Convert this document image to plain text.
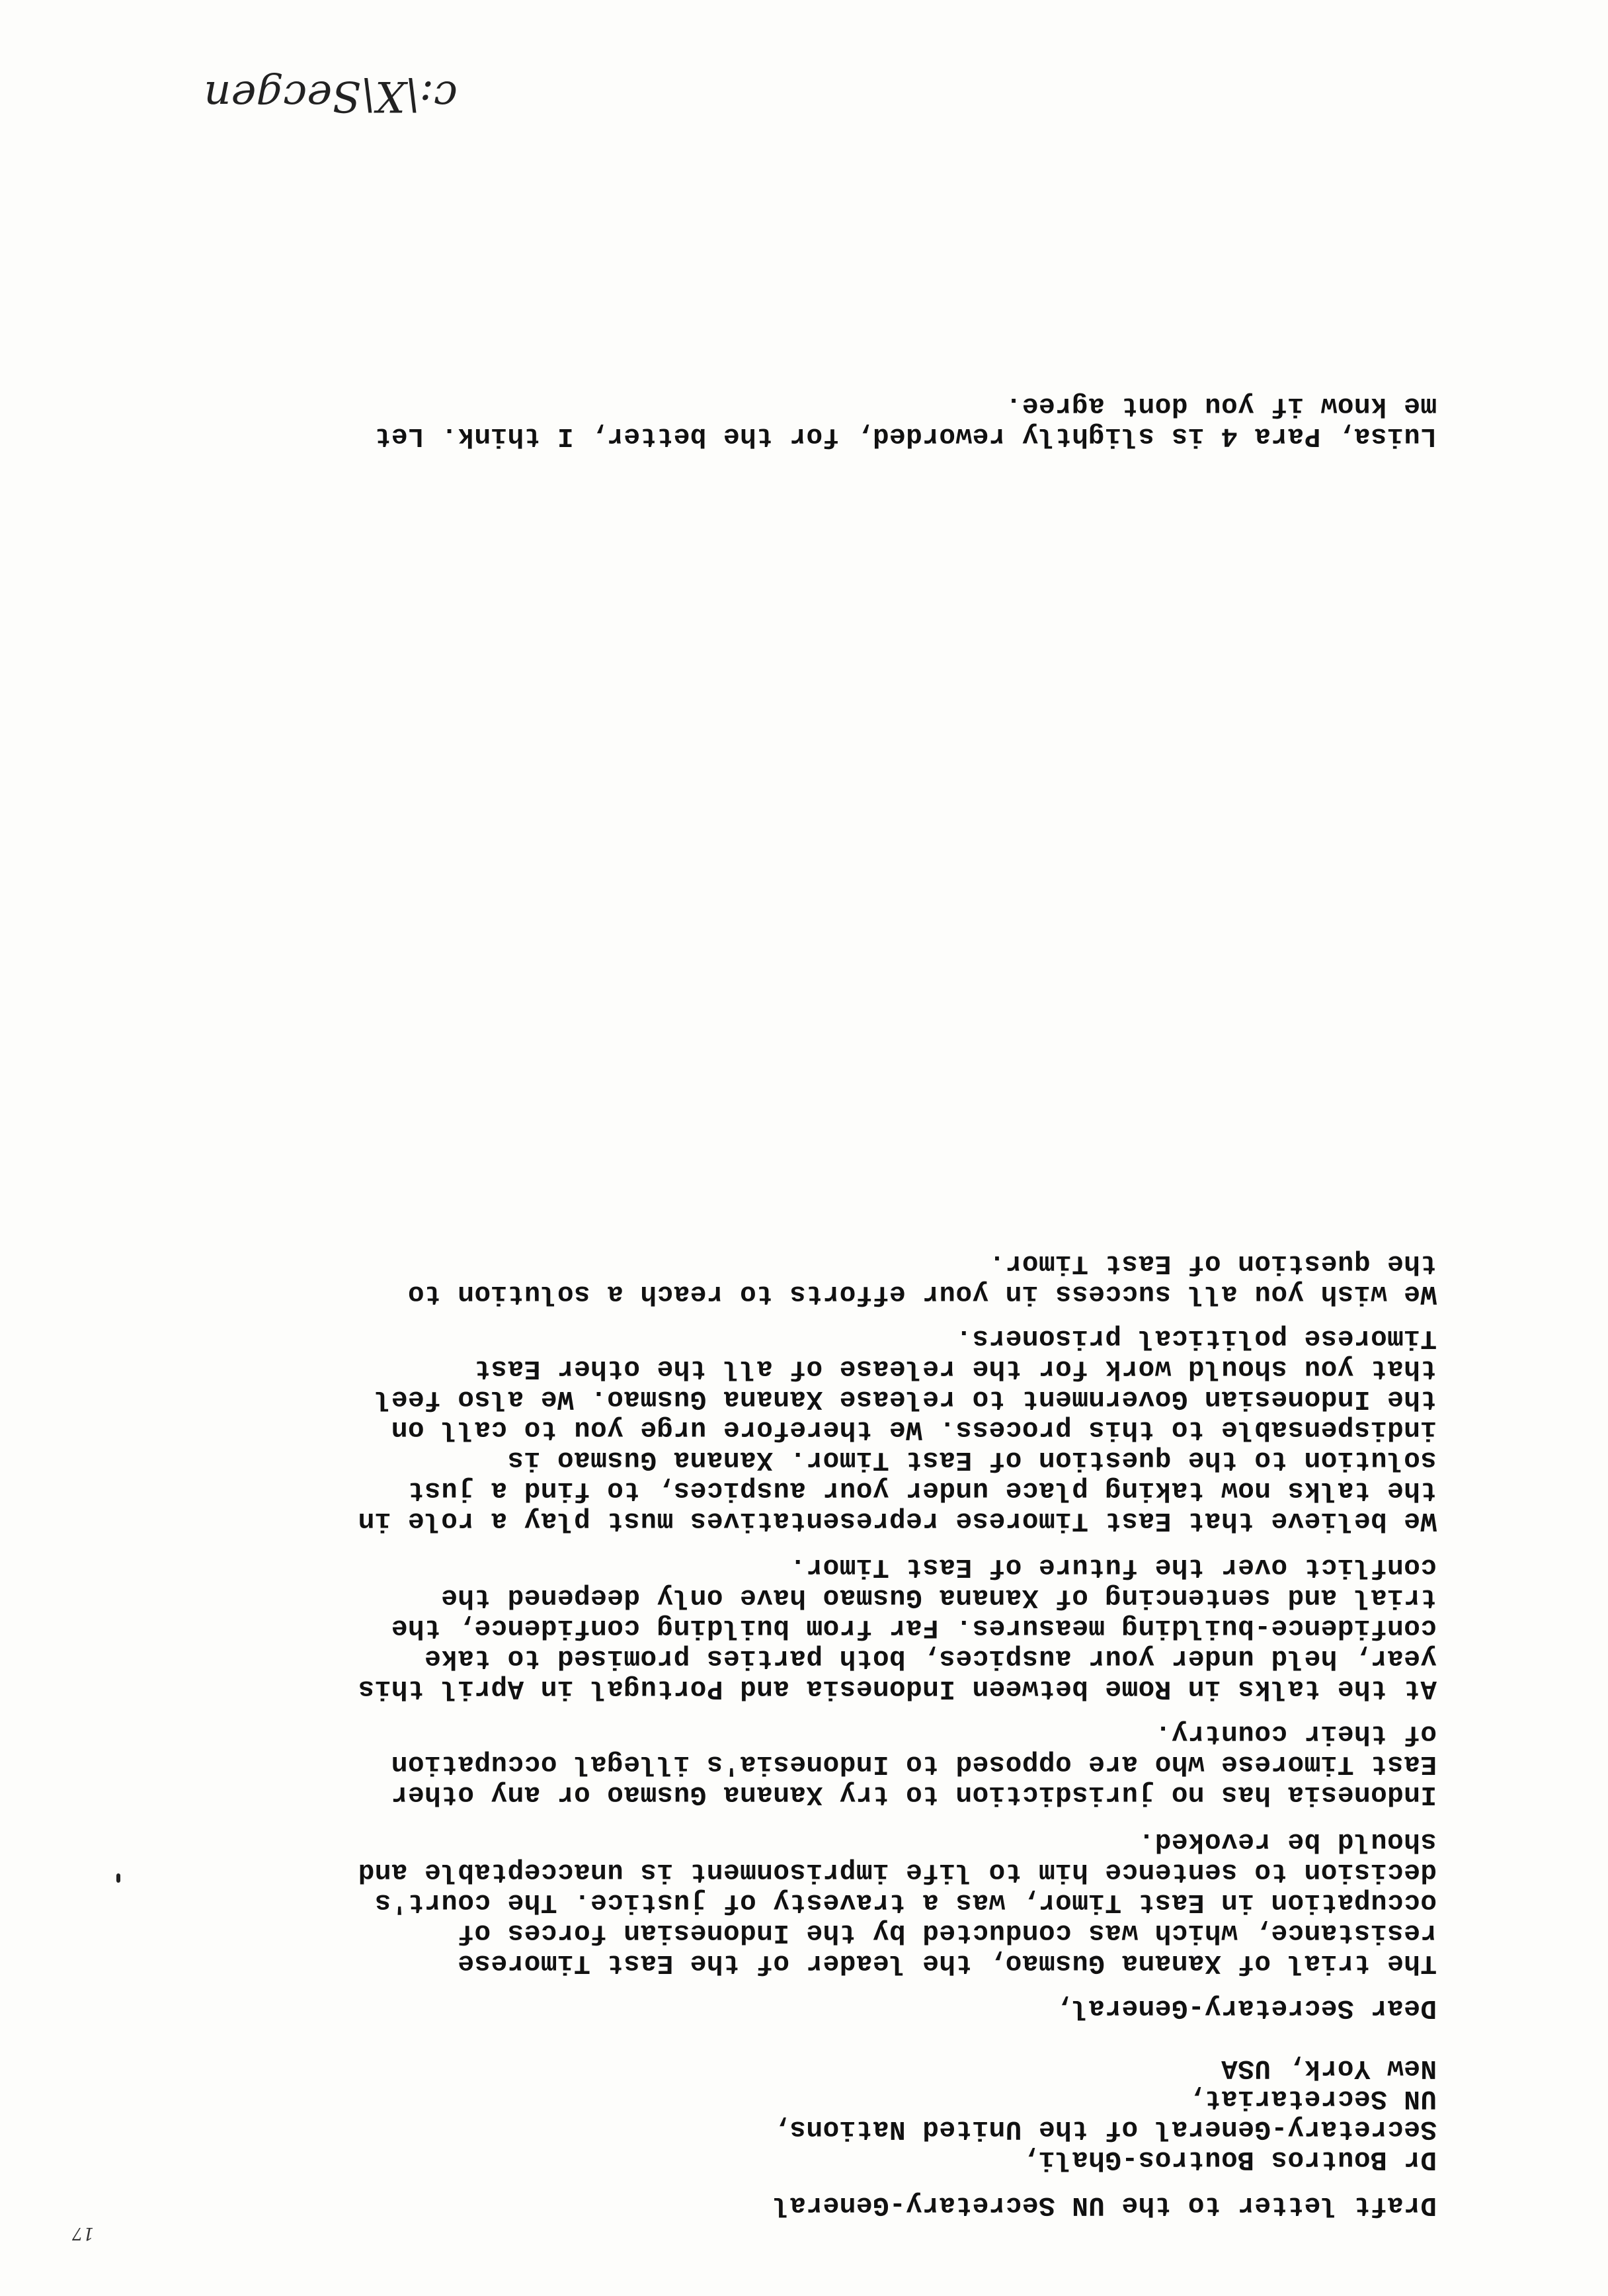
c:\X\Secgen
17
Draft letter to the UN Secretary-General
Dr Boutros Boutros-Ghali,
Secretary-General of the United Nations,
UN Secretariat,
New York, USA
Dear Secretary-General,
The trial of Xanana Gusmao, the leader of the East Timorese
resistance, which was conducted by the Indonesian forces of
occupation in East Timor, was a travesty of justice. The court's
decision to sentence him to life imprisonment is unacceptable and
should be revoked.
Indonesia has no jurisdiction to try Xanana Gusmao or any other
East Timorese who are opposed to Indonesia's illegal occupation
of their country.
At the talks in Rome between Indonesia and Portugal in April this
year, held under your auspices, both parties promised to take
confidence-building measures. Far from building confidence, the
trial and sentencing of Xanana Gusmao have only deepened the
conflict over the future of East Timor.
We believe that East Timorese representatives must play a role in
the talks now taking place under your auspices, to find a just
solution to the question of East Timor. Xanana Gusmao is
indispensable to this process. We therefore urge you to call on
the Indonesian Government to release Xanana Gusmao. We also feel
that you should work for the release of all the other East
Timorese political prisoners.
We wish you all success in your efforts to reach a solution to
the question of East Timor.
Luisa, Para 4 is slightly reworded, for the better, I think. Let
me know if you dont agree.
